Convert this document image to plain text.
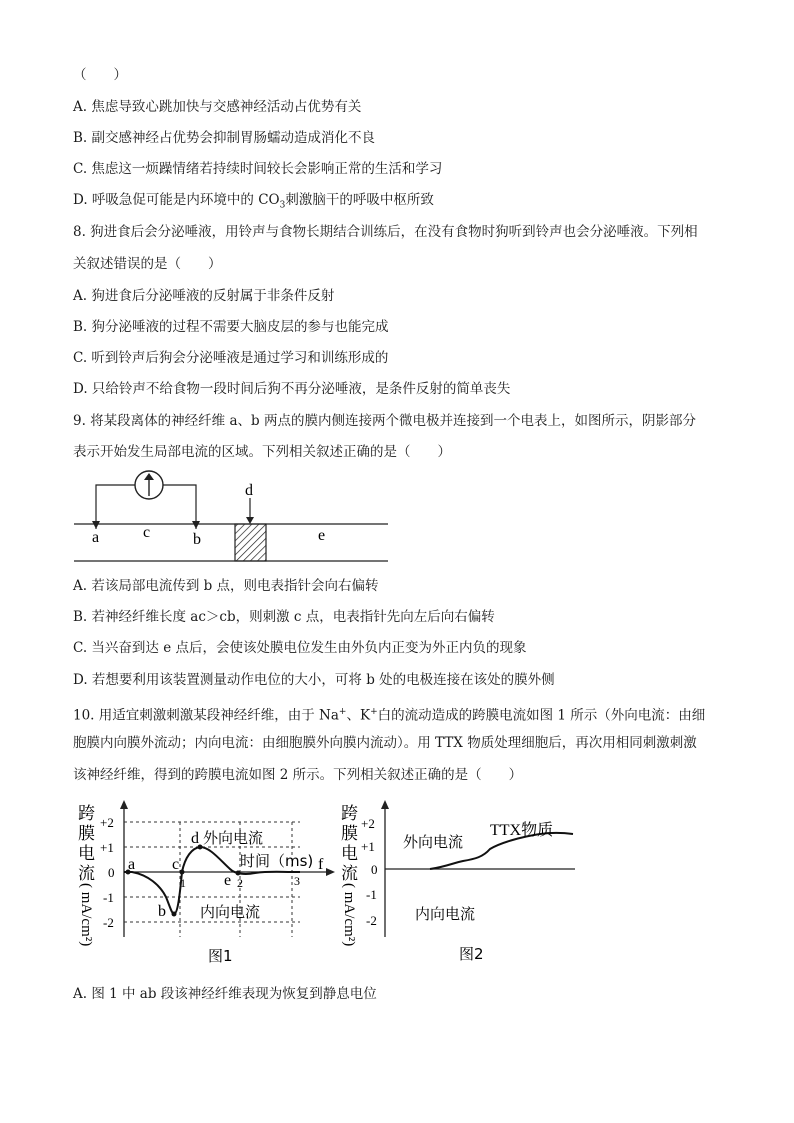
（　　）
A. 焦虑导致心跳加快与交感神经活动占优势有关
B. 副交感神经占优势会抑制胃肠蠕动造成消化不良
C. 焦虑这一烦躁情绪若持续时间较长会影响正常的生活和学习
D. 呼吸急促可能是内环境中的 $CO_3$刺激脑干的呼吸中枢所致
8. 狗进食后会分泌唾液，用铃声与食物长期结合训练后，在没有食物时狗听到铃声也会分泌唾液。下列相
关叙述错误的是（　　）
A. 狗进食后分泌唾液的反射属于非条件反射
B. 狗分泌唾液的过程不需要大脑皮层的参与也能完成
C. 听到铃声后狗会分泌唾液是通过学习和训练形成的
D. 只给铃声不给食物一段时间后狗不再分泌唾液，是条件反射的简单丧失
9. 将某段离体的神经纤维 a、b 两点的膜内侧连接两个微电极并连接到一个电表上，如图所示，阴影部分
表示开始发生局部电流的区域。下列相关叙述正确的是（　　）
d
a	c	b	e
A. 若该局部电流传到 b 点，则电表指针会向右偏转
B. 若神经纤维长度 ac＞cb，则刺激 c 点，电表指针先向左后向右偏转
C. 当兴奋到达 e 点后，会使该处膜电位发生由外负内正变为外正内负的现象
D. 若想要利用该装置测量动作电位的大小，可将 b 处的电极连接在该处的膜外侧
10. 用适宜刺激刺激某段神经纤维，由于 Na+、K+白的流动造成的跨膜电流如图 1 所示（外向电流：由细
胞膜内向膜外流动；内向电流：由细胞膜外向膜内流动）。用 TTX 物质处理细胞后，再次用相同刺激刺激
该神经纤维，得到的跨膜电流如图 2 所示。下列相关叙述正确的是（　　）
跨
膜
电
流
( mA/cm²)
+2
+1
0
-1
-2
a
b
c
d
e
f
1	2	3
外向电流
时间（ms)
内向电流
图1
跨
膜
电
流
( mA/cm²)
+2
+1
0
-1
-2
外向电流
TTX物质
内向电流
图2
A. 图 1 中 ab 段该神经纤维表现为恢复到静息电位
